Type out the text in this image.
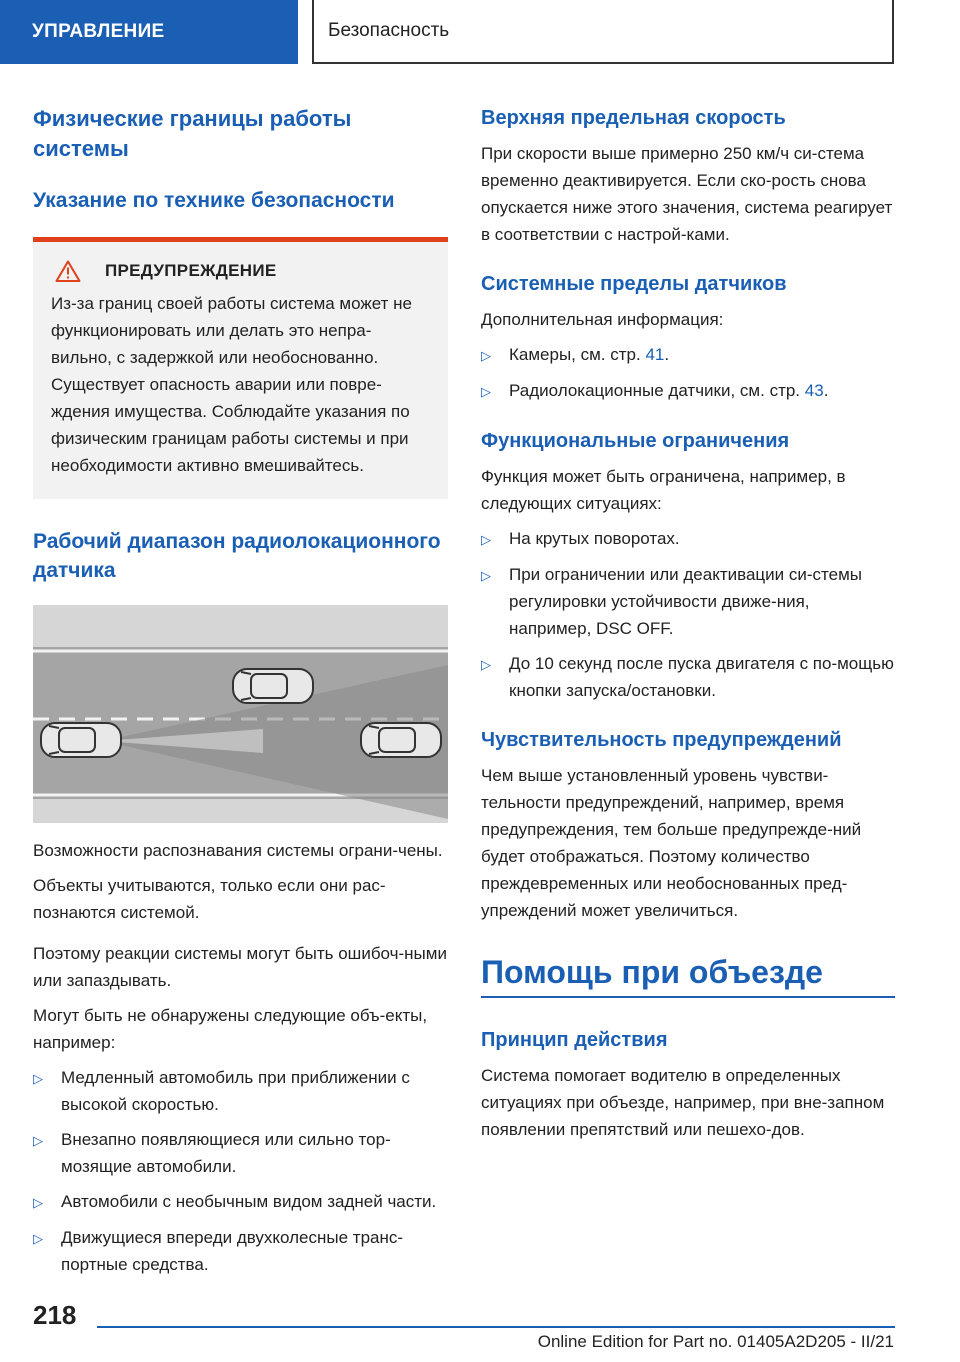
УПРАВЛЕНИЕ	Безопасность
Физические границы работы системы
Указание по технике безопасности
ПРЕДУПРЕЖДЕНИЕ

Из-за границ своей работы система может не функционировать или делать это непра-вильно, с задержкой или необоснованно. Существует опасность аварии или повре-ждения имущества. Соблюдайте указания по физическим границам работы системы и при необходимости активно вмешивайтесь.

Рабочий диапазон радиолокационного датчика

Возможности распознавания системы ограни-чены.

Объекты учитываются, только если они рас-познаются системой.

Поэтому реакции системы могут быть ошибоч-ными или запаздывать.

Могут быть не обнаружены следующие объ-екты, например:

▷	Медленный автомобиль при приближении с высокой скоростью.
▷	Внезапно появляющиеся или сильно тор-мозящие автомобили.
▷	Автомобили с необычным видом задней части.
▷	Движущиеся впереди двухколесные транс-портные средства.
Верхняя предельная скорость

При скорости выше примерно 250 км/ч си-стема временно деактивируется. Если ско-рость снова опускается ниже этого значения, система реагирует в соответствии с настрой-ками.

Системные пределы датчиков

Дополнительная информация:

▷	Камеры, см. стр. 41.
▷	Радиолокационные датчики, см. стр. 43.
Функциональные ограничения

Функция может быть ограничена, например, в следующих ситуациях:

▷	На крутых поворотах.
▷	При ограничении или деактивации си-стемы регулировки устойчивости движе-ния, например, DSC OFF.
▷	До 10 секунд после пуска двигателя с по-мощью кнопки запуска/остановки.
Чувствительность предупреждений

Чем выше установленный уровень чувстви-тельности предупреждений, например, время предупреждения, тем больше предупрежде-ний будет отображаться. Поэтому количество преждевременных или необоснованных пред-упреждений может увеличиться.

Помощь при объезде
Принцип действия

Система помогает водителю в определенных ситуациях при объезде, например, при вне-запном появлении препятствий или пешехо-дов.

218
Online Edition for Part no. 01405A2D205 - II/21
